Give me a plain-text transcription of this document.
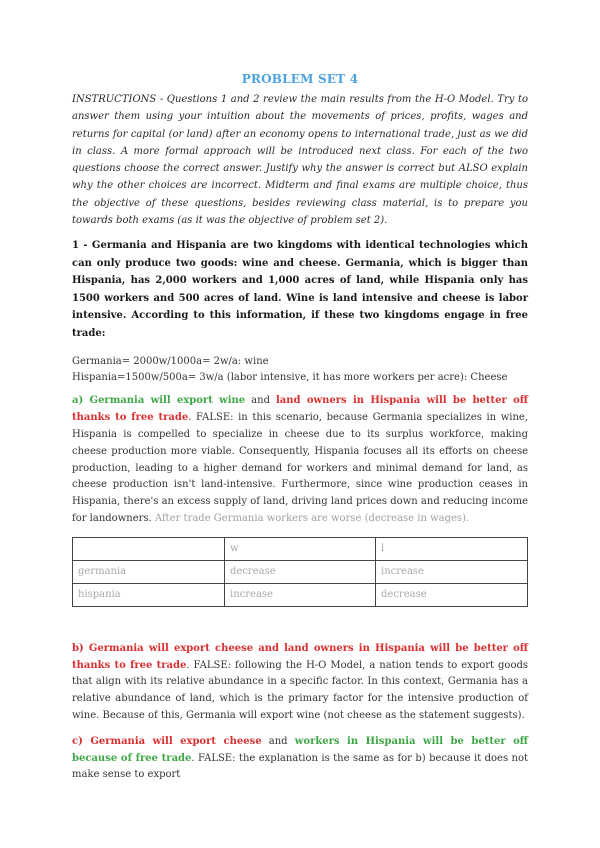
PROBLEM SET 4

INSTRUCTIONS - Questions 1 and 2 review the main results from the H-O Model. Try to answer them using your intuition about the movements of prices, profits, wages and returns for capital (or land) after an economy opens to international trade, just as we did in class. A more formal approach will be introduced next class. For each of the two questions choose the correct answer. Justify why the answer is correct but ALSO explain why the other choices are incorrect. Midterm and final exams are multiple choice, thus the objective of these questions, besides reviewing class material, is to prepare you towards both exams (as it was the objective of problem set 2).

1 - Germania and Hispania are two kingdoms with identical technologies which can only produce two goods: wine and cheese. Germania, which is bigger than Hispania, has 2,000 workers and 1,000 acres of land, while Hispania only has 1500 workers and 500 acres of land. Wine is land intensive and cheese is labor intensive. According to this information, if these two kingdoms engage in free trade:

Germania= 2000w/1000a= 2w/a: wine
Hispania=1500w/500a= 3w/a (labor intensive, it has more workers per acre): Cheese

a) Germania will export wine and land owners in Hispania will be better off thanks to free trade. FALSE: in this scenario, because Germania specializes in wine, Hispania is compelled to specialize in cheese due to its surplus workforce, making cheese production more viable. Consequently, Hispania focuses all its efforts on cheese production, leading to a higher demand for workers and minimal demand for land, as cheese production isn't land-intensive. Furthermore, since wine production ceases in Hispania, there's an excess supply of land, driving land prices down and reducing income for landowners. After trade Germania workers are worse (decrease in wages).

	w	l
germania	decrease	increase
hispania	increase	decrease

b) Germania will export cheese and land owners in Hispania will be better off thanks to free trade. FALSE: following the H-O Model, a nation tends to export goods that align with its relative abundance in a specific factor. In this context, Germania has a relative abundance of land, which is the primary factor for the intensive production of wine. Because of this, Germania will export wine (not cheese as the statement suggests).

c) Germania will export cheese and workers in Hispania will be better off because of free trade. FALSE: the explanation is the same as for b) because it does not make sense to export
